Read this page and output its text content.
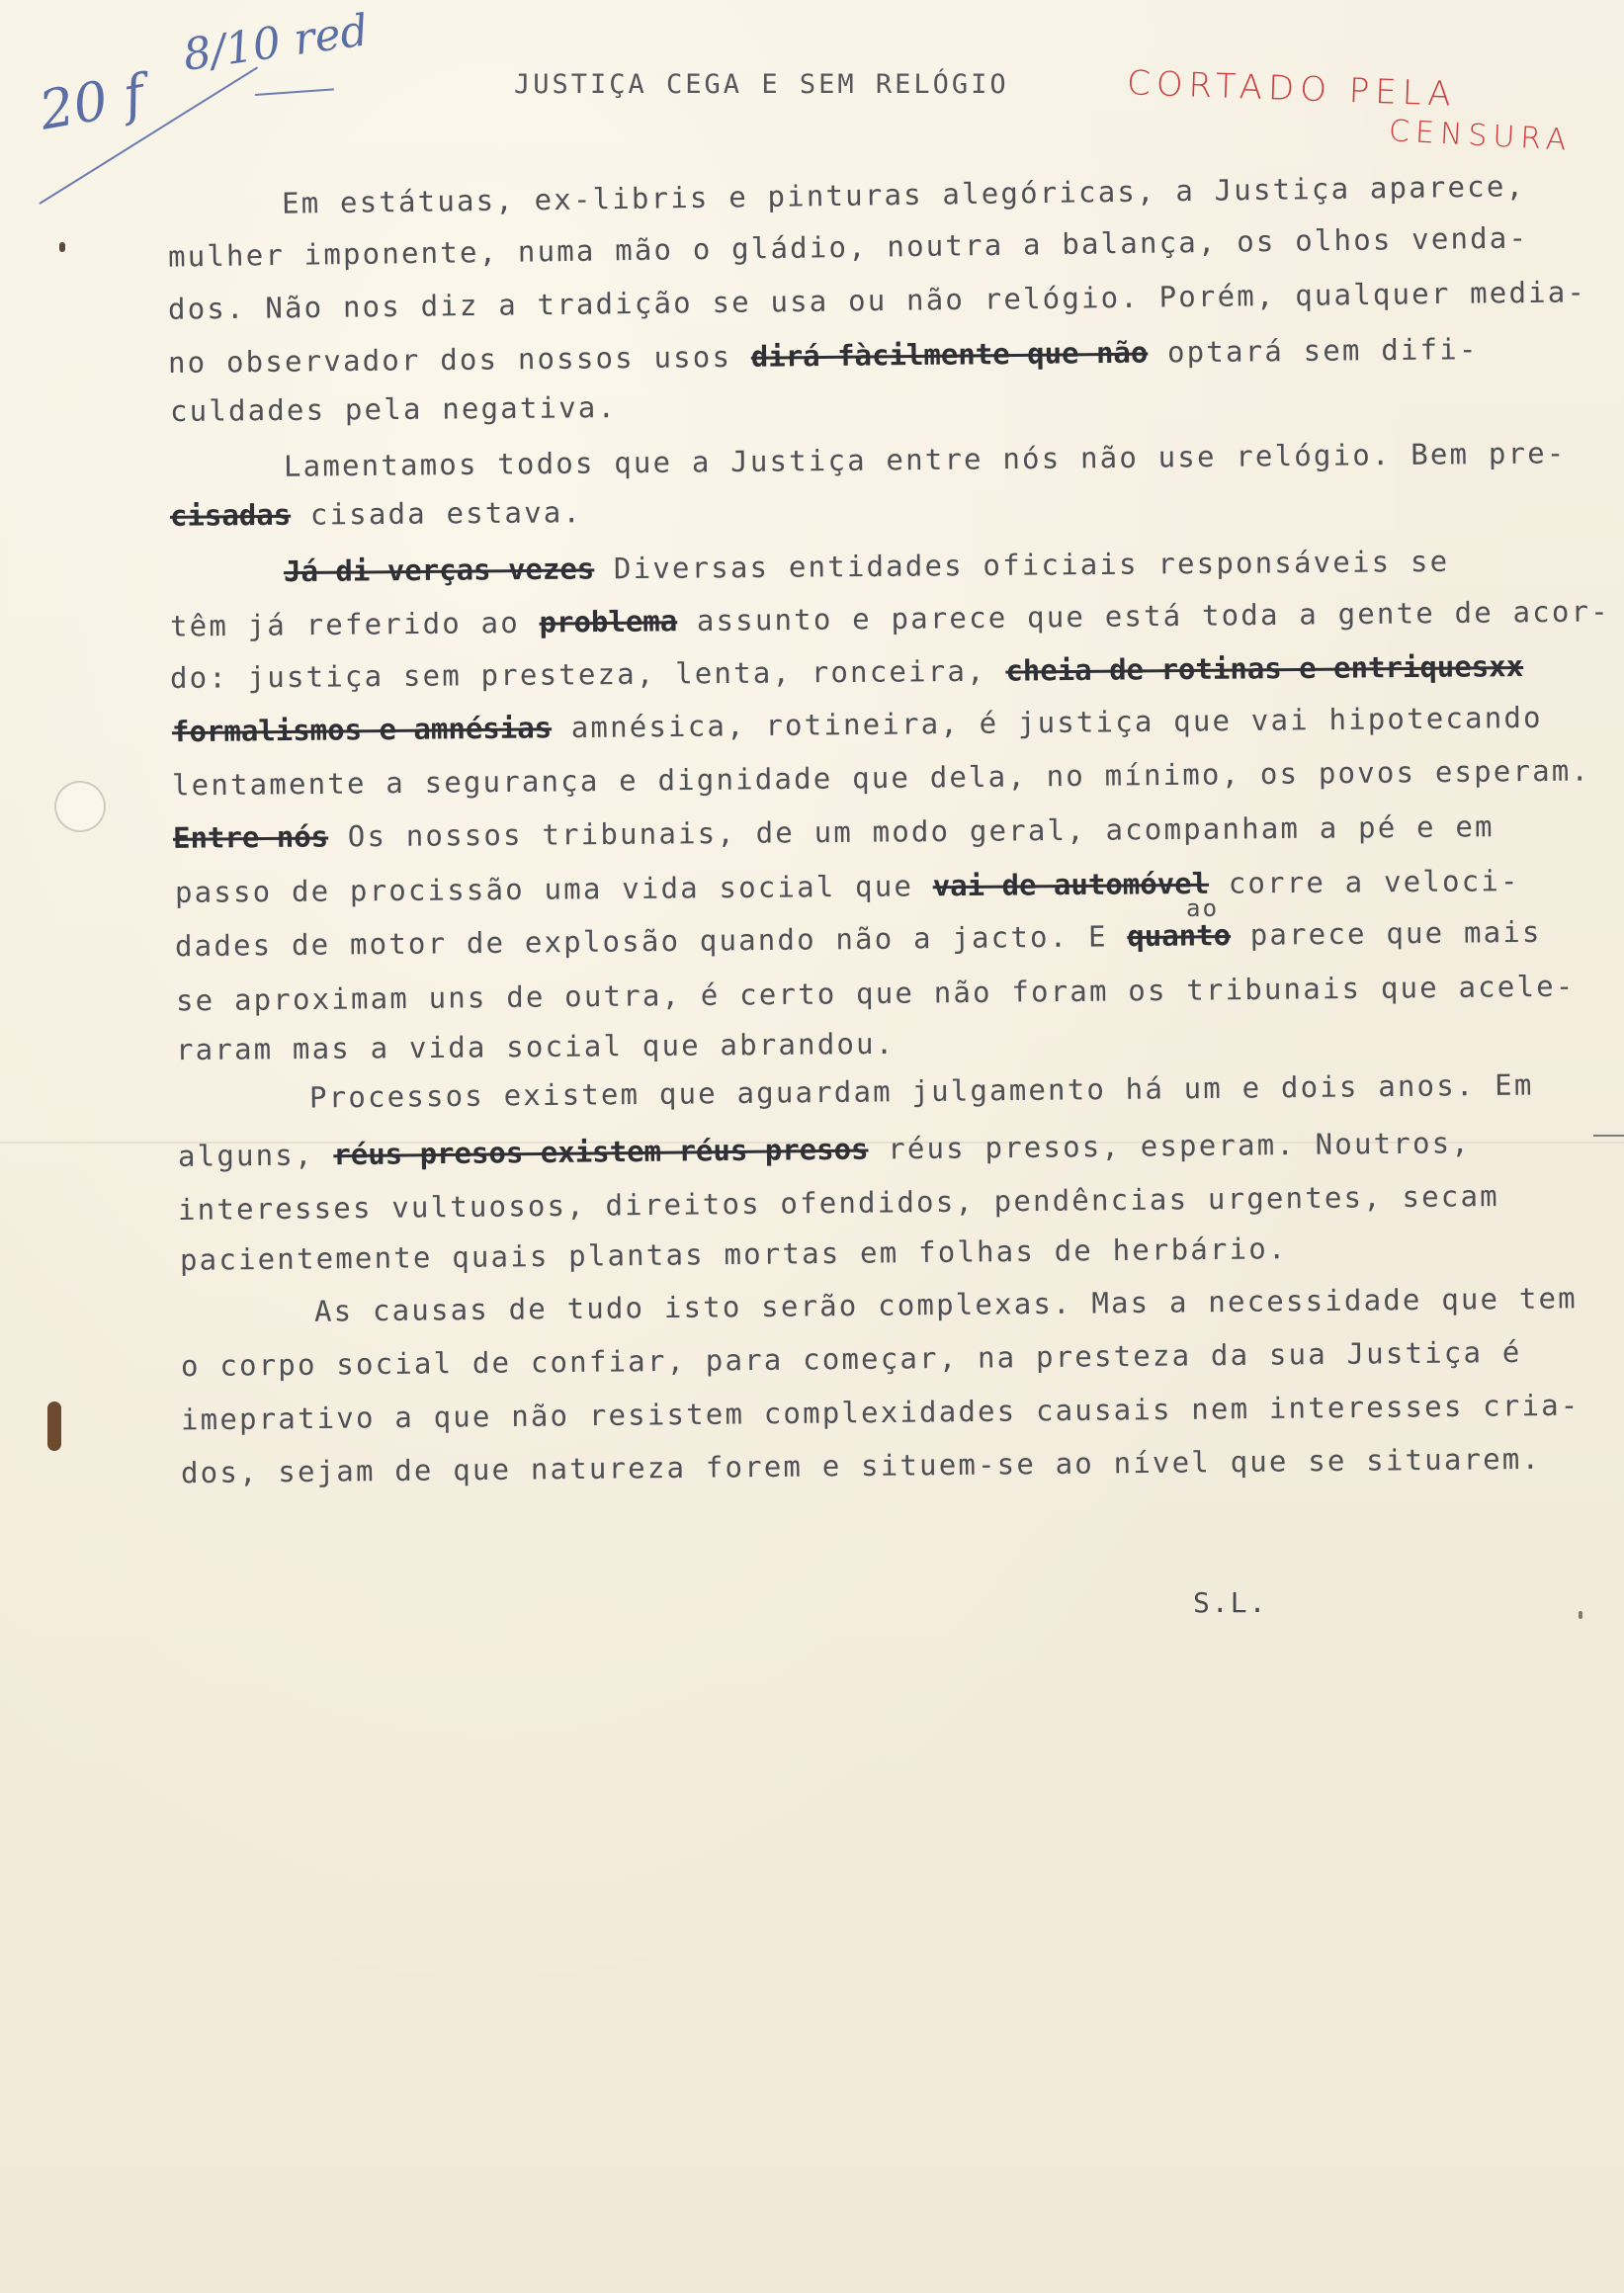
20 f
8/10 red
CORTADO PELA
CENSURA
JUSTIÇA CEGA E SEM RELÓGIO
Em estátuas, ex-libris e pinturas alegóricas, a Justiça aparece,
mulher imponente, numa mão o gládio, noutra a balança, os olhos venda-
dos. Não nos diz a tradição se usa ou não relógio. Porém, qualquer media-
no observador dos nossos usos dirá fàcilmente que não optará sem difi-
culdades pela negativa.
Lamentamos todos que a Justiça entre nós não use relógio. Bem pre-
cisadas cisada estava.
Já di verças vezes Diversas entidades oficiais responsáveis se
têm já referido ao problema assunto e parece que está toda a gente de acor-
do: justiça sem presteza, lenta, ronceira, cheia de rotinas e entriquesxx
formalismos e amnésias amnésica, rotineira, é justiça que vai hipotecando
lentamente a segurança e dignidade que dela, no mínimo, os povos esperam.
Entre nós Os nossos tribunais, de um modo geral, acompanham a pé e em
passo de procissão uma vida social que vai de automóvel corre a veloci-
dades de motor de explosão quando não a jacto. E quanto parece que mais
se aproximam uns de outra, é certo que não foram os tribunais que acele-
raram mas a vida social que abrandou.
Processos existem que aguardam julgamento há um e dois anos. Em
alguns, réus presos existem réus presos réus presos, esperam. Noutros,
interesses vultuosos, direitos ofendidos, pendências urgentes, secam
pacientemente quais plantas mortas em folhas de herbário.
As causas de tudo isto serão complexas. Mas a necessidade que tem
o corpo social de confiar, para começar, na presteza da sua Justiça é
imeprativo a que não resistem complexidades causais nem interesses cria-
dos, sejam de que natureza forem e situem-se ao nível que se situarem.
ao
S.L.
